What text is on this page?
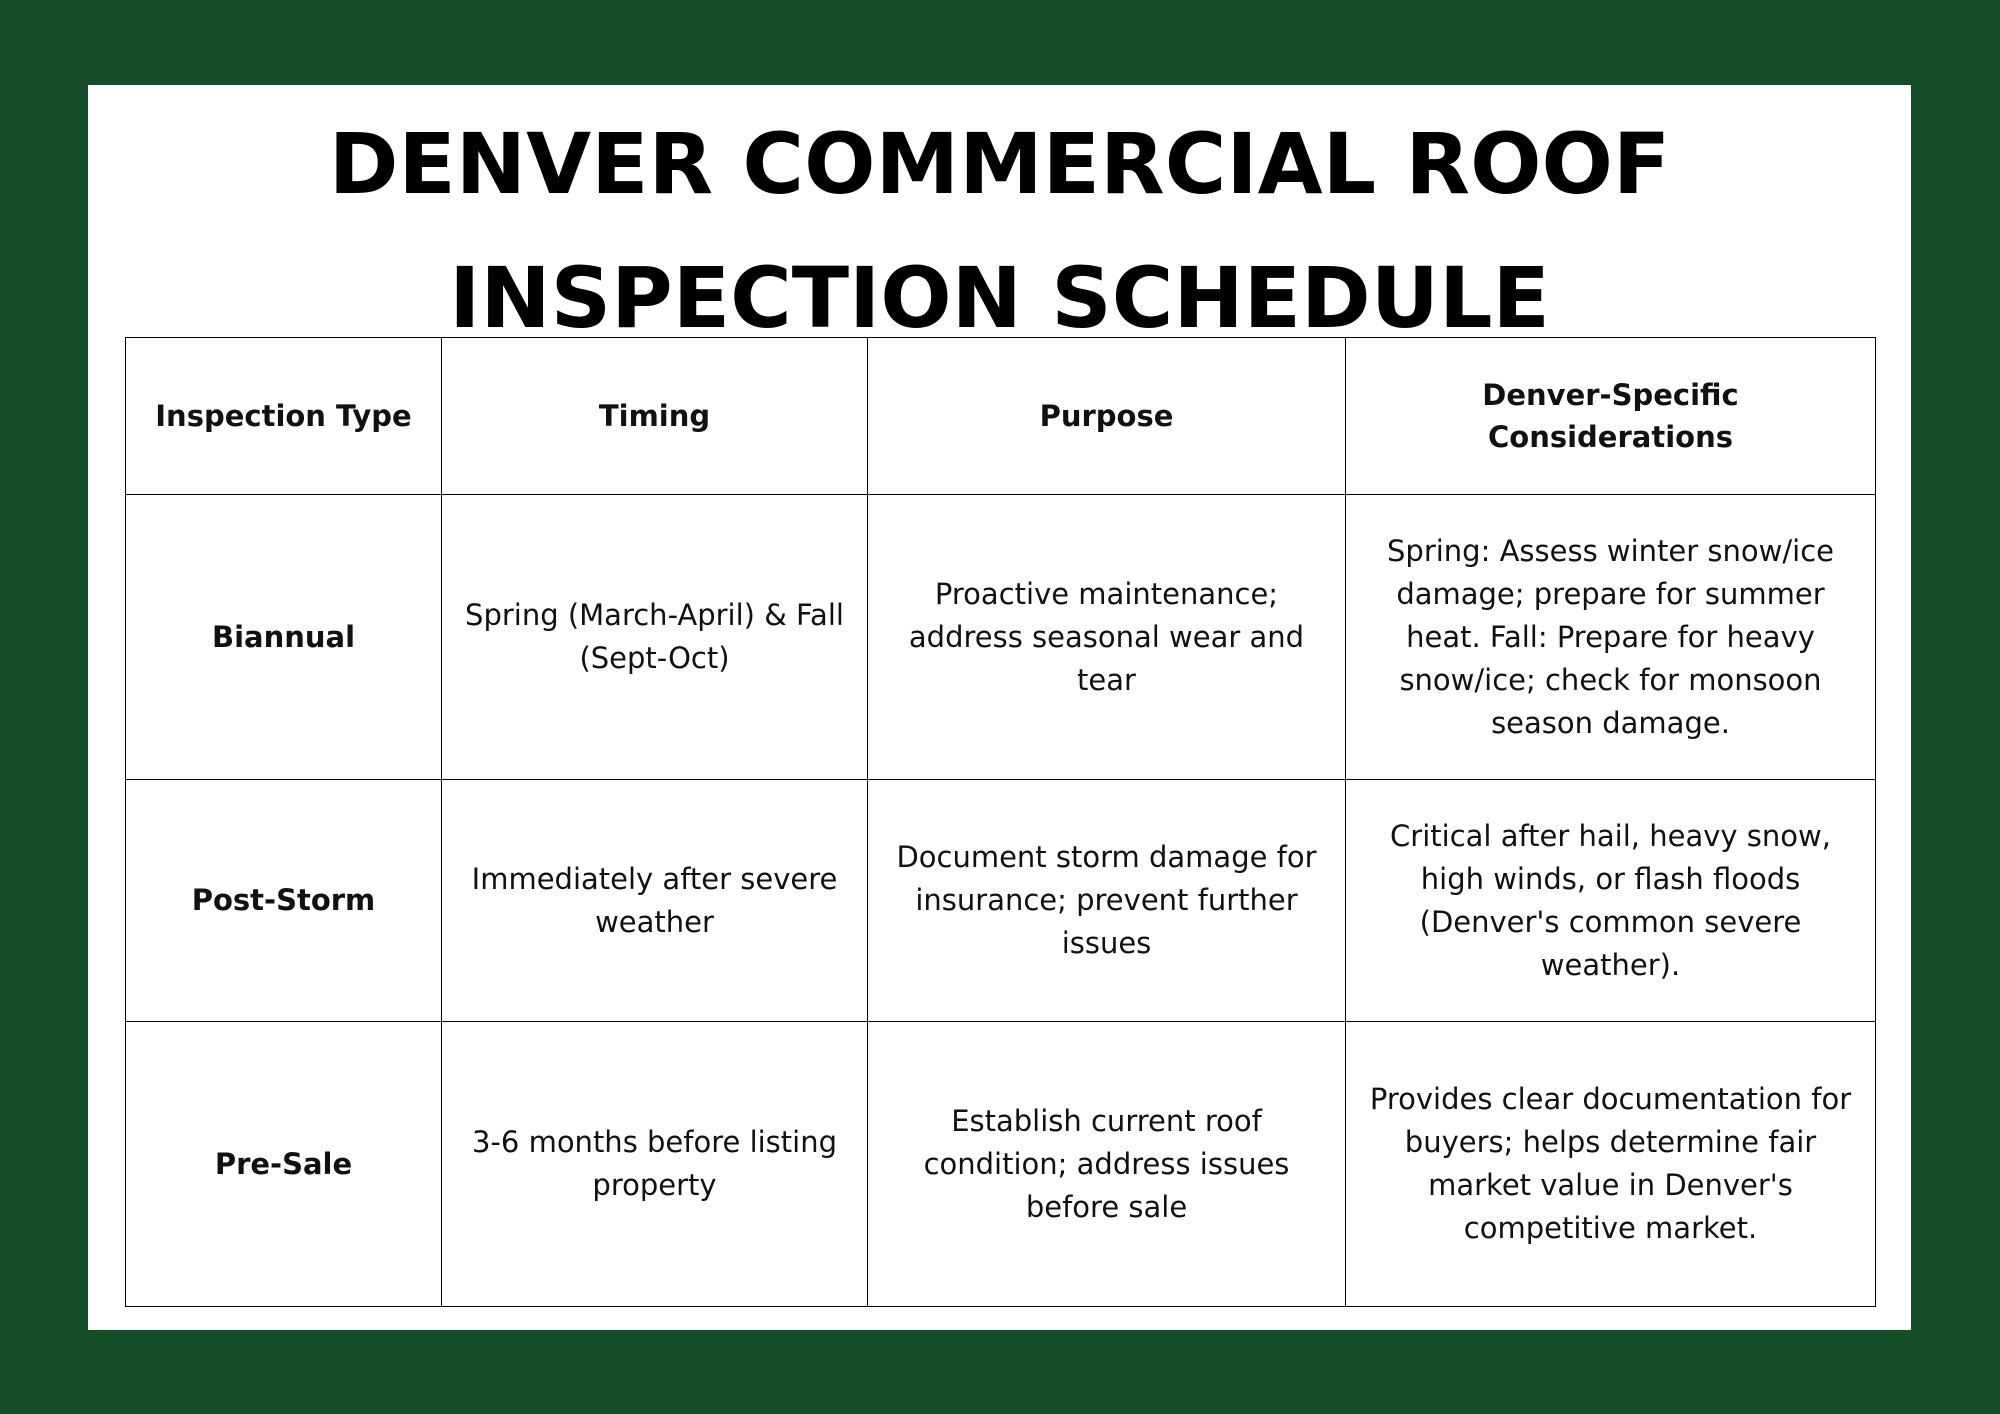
DENVER COMMERCIAL ROOF
INSPECTION SCHEDULE
Inspection Type	Timing	Purpose	Denver-Specific Considerations
Biannual	Spring (March-April) & Fall (Sept-Oct)	Proactive maintenance; address seasonal wear and tear	Spring: Assess winter snow/ice damage; prepare for summer heat. Fall: Prepare for heavy snow/ice; check for monsoon season damage.
Post-Storm	Immediately after severe weather	Document storm damage for insurance; prevent further issues	Critical after hail, heavy snow, high winds, or flash floods (Denver's common severe weather).
Pre-Sale	3-6 months before listing property	Establish current roof condition; address issues before sale	Provides clear documentation for buyers; helps determine fair market value in Denver's competitive market.
